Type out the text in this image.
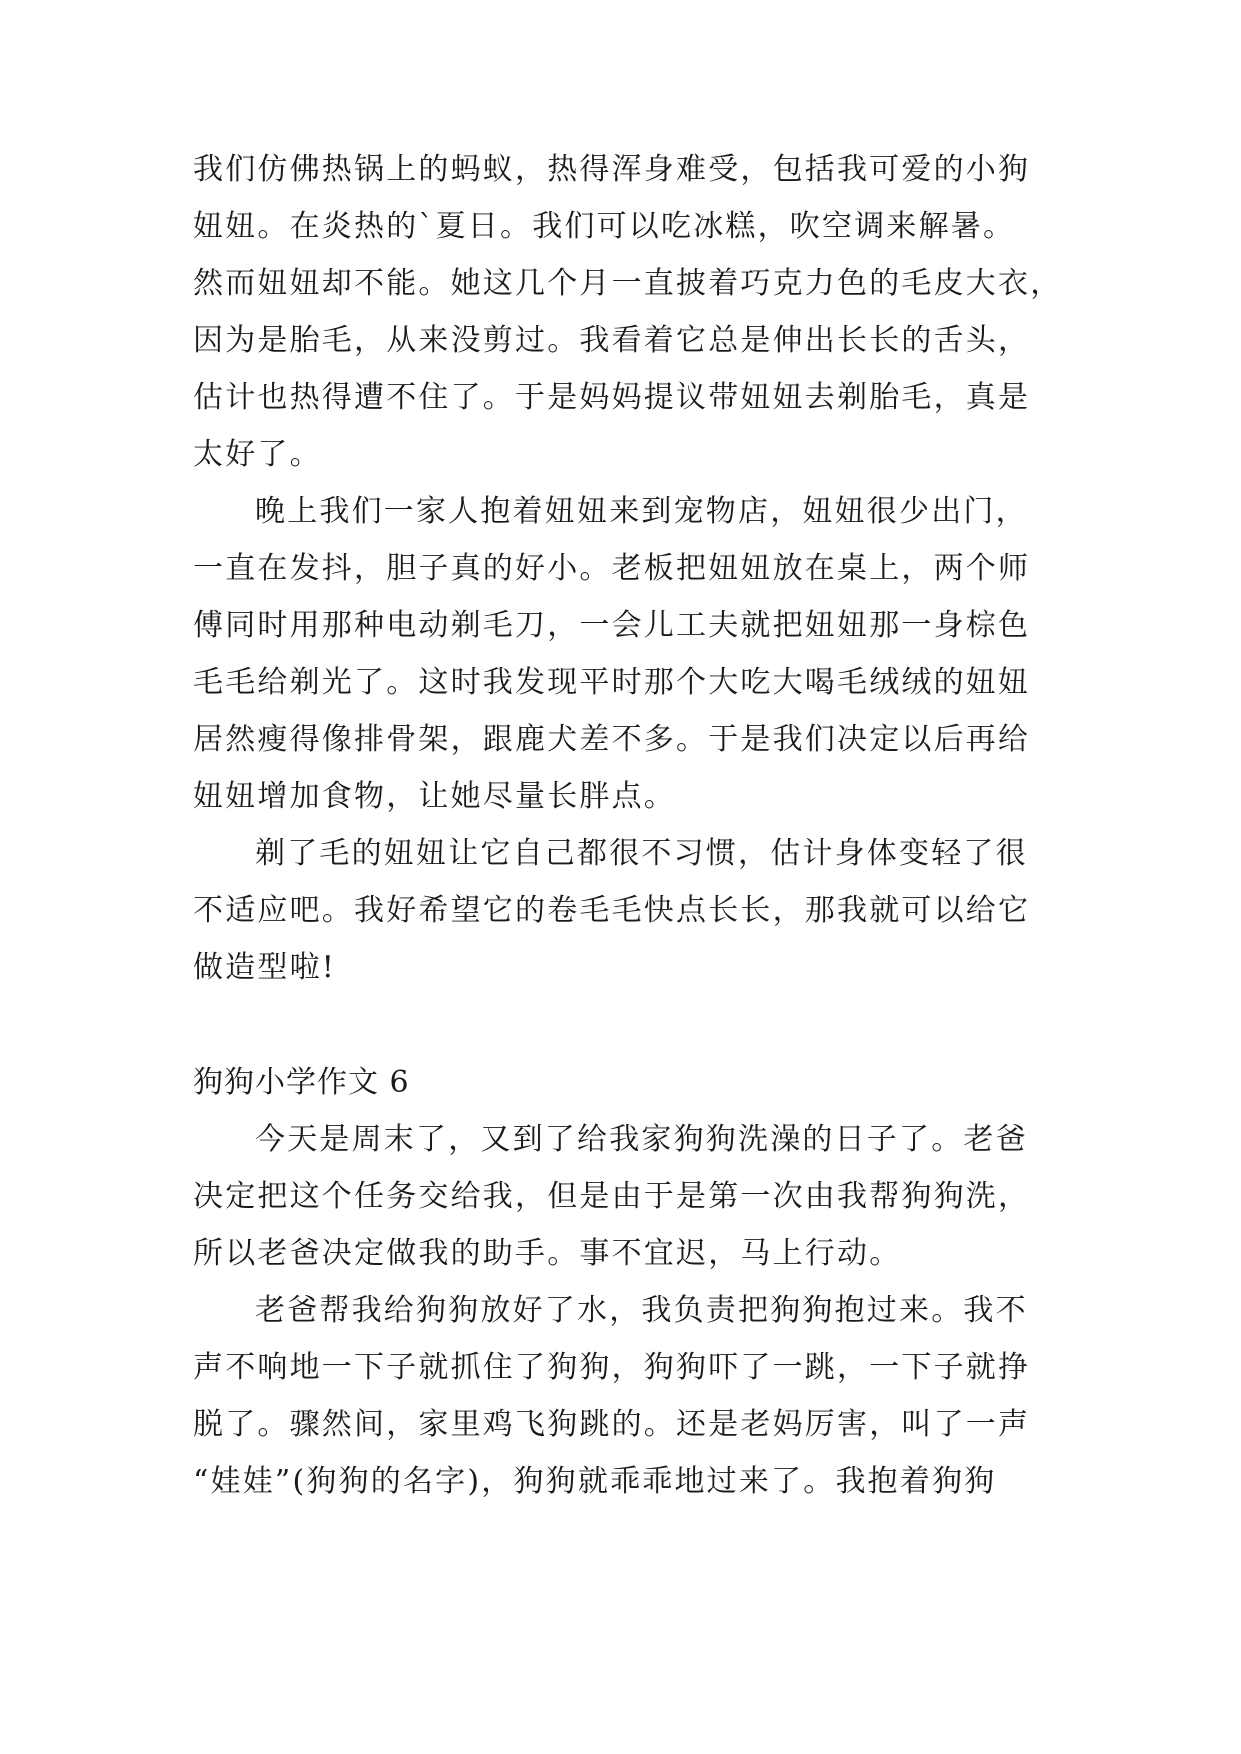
我们仿佛热锅上的蚂蚁，热得浑身难受，包括我可爱的小狗
妞妞。在炎热的`夏日。我们可以吃冰糕，吹空调来解暑。
然而妞妞却不能。她这几个月一直披着巧克力色的毛皮大衣，
因为是胎毛，从来没剪过。我看着它总是伸出长长的舌头，
估计也热得遭不住了。于是妈妈提议带妞妞去剃胎毛，真是
太好了。
晚上我们一家人抱着妞妞来到宠物店，妞妞很少出门，
一直在发抖，胆子真的好小。老板把妞妞放在桌上，两个师
傅同时用那种电动剃毛刀，一会儿工夫就把妞妞那一身棕色
毛毛给剃光了。这时我发现平时那个大吃大喝毛绒绒的妞妞
居然瘦得像排骨架，跟鹿犬差不多。于是我们决定以后再给
妞妞增加食物，让她尽量长胖点。
剃了毛的妞妞让它自己都很不习惯，估计身体变轻了很
不适应吧。我好希望它的卷毛毛快点长长，那我就可以给它
做造型啦!
狗狗小学作文 6
今天是周末了，又到了给我家狗狗洗澡的日子了。老爸
决定把这个任务交给我，但是由于是第一次由我帮狗狗洗，
所以老爸决定做我的助手。事不宜迟，马上行动。
老爸帮我给狗狗放好了水，我负责把狗狗抱过来。我不
声不响地一下子就抓住了狗狗，狗狗吓了一跳，一下子就挣
脱了。骤然间，家里鸡飞狗跳的。还是老妈厉害，叫了一声
“娃娃”(狗狗的名字)，狗狗就乖乖地过来了。我抱着狗狗
